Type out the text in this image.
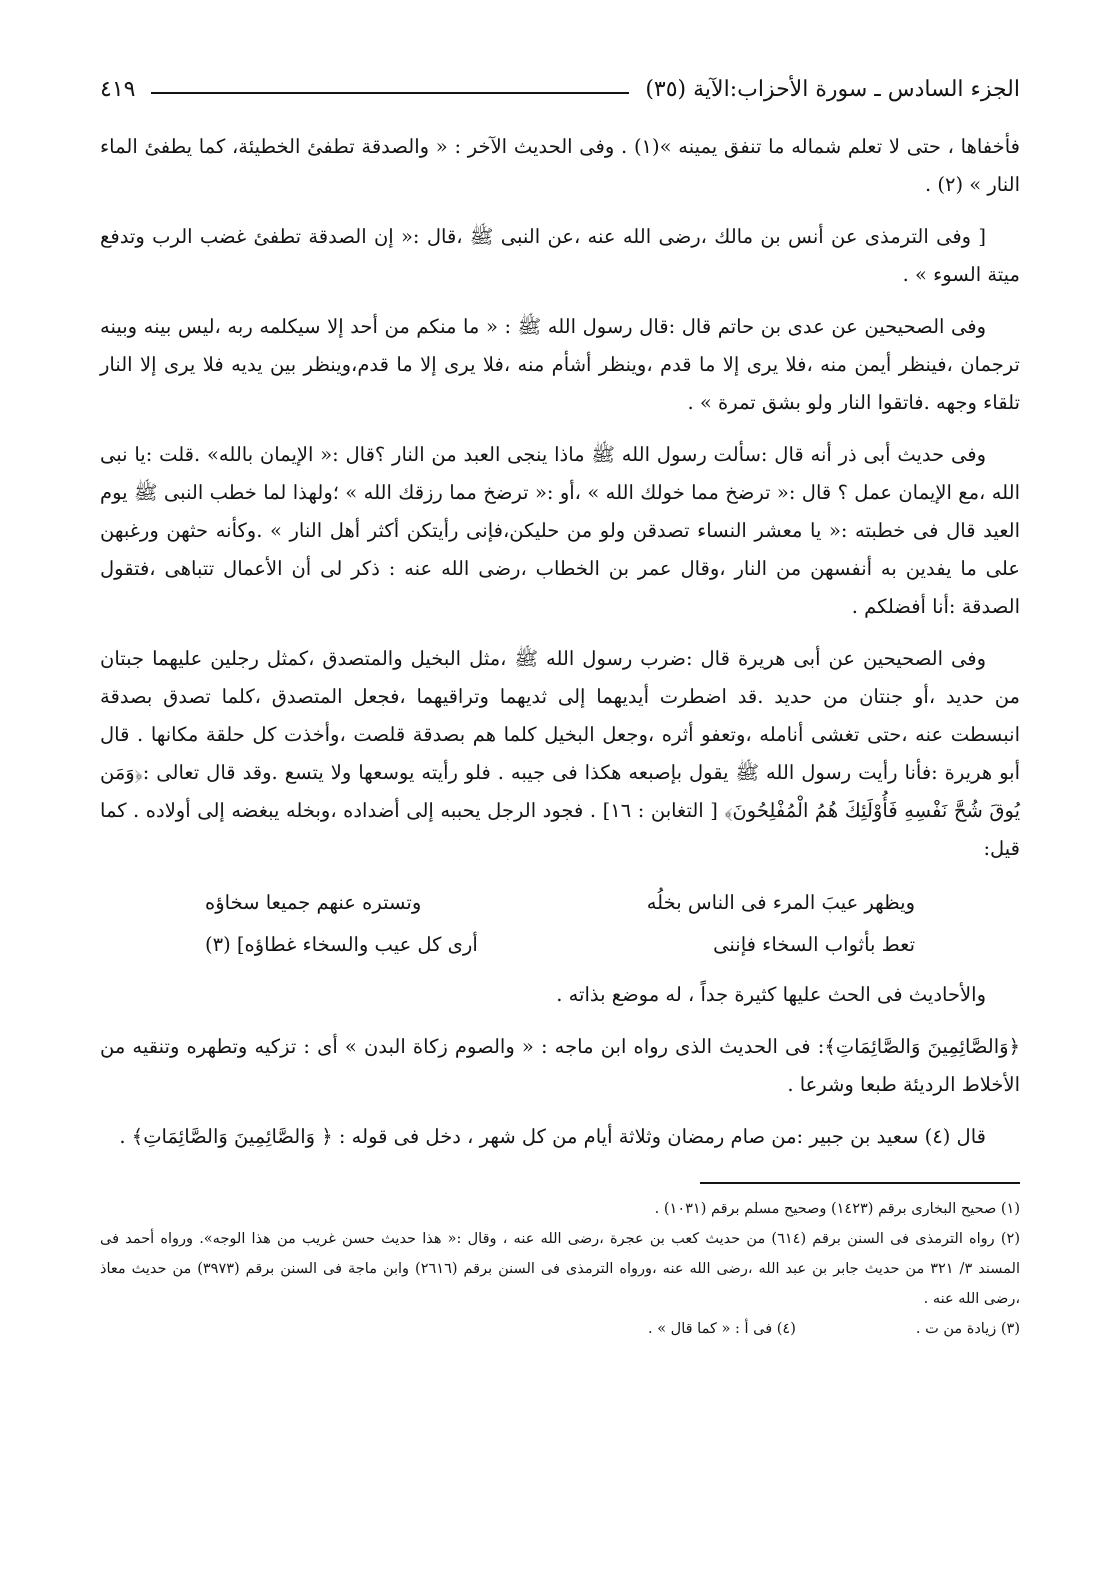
الجزء السادس ـ سورة الأحزاب:الآية (٣٥)
٤١٩

فأخفاها ، حتى لا تعلم شماله ما تنفق يمينه »(١) . وفى الحديث الآخر : « والصدقة تطفئ الخطيئة، كما يطفئ الماء النار » (٢) .

[ وفى الترمذى عن أنس بن مالك ،رضى الله عنه ،عن النبى ﷺ ،قال :« إن الصدقة تطفئ غضب الرب وتدفع ميتة السوء » .

وفى الصحيحين عن عدى بن حاتم قال :قال رسول الله ﷺ : « ما منكم من أحد إلا سيكلمه ربه ،ليس بينه وبينه ترجمان ،فينظر أيمن منه ،فلا يرى إلا ما قدم ،وينظر أشأم منه ،فلا يرى إلا ما قدم،وينظر بين يديه فلا يرى إلا النار تلقاء وجهه .فاتقوا النار ولو بشق تمرة » .

وفى حديث أبى ذر أنه قال :سألت رسول الله ﷺ ماذا ينجى العبد من النار ؟قال :« الإيمان بالله» .قلت :يا نبى الله ،مع الإيمان عمل ؟ قال :« ترضخ مما خولك الله » ،أو :« ترضخ مما رزقك الله » ؛ولهذا لما خطب النبى ﷺ يوم العيد قال فى خطبته :« يا معشر النساء تصدقن ولو من حليكن،فإنى رأيتكن أكثر أهل النار » .وكأنه حثهن ورغبهن على ما يفدين به أنفسهن من النار ،وقال عمر بن الخطاب ،رضى الله عنه : ذكر لى أن الأعمال تتباهى ،فتقول الصدقة :أنا أفضلكم .

وفى الصحيحين عن أبى هريرة قال :ضرب رسول الله ﷺ ،مثل البخيل والمتصدق ،كمثل رجلين عليهما جبتان من حديد ،أو جنتان من حديد .قد اضطرت أيديهما إلى ثديهما وتراقيهما ،فجعل المتصدق ،كلما تصدق بصدقة انبسطت عنه ،حتى تغشى أنامله ،وتعفو أثره ،وجعل البخيل كلما هم بصدقة قلصت ،وأخذت كل حلقة مكانها . قال أبو هريرة :فأنا رأيت رسول الله ﷺ يقول بإصبعه هكذا فى جيبه . فلو رأيته يوسعها ولا يتسع .وقد قال تعالى :﴿وَمَن يُوقَ شُحَّ نَفْسِهِ فَأُوْلَئِكَ هُمُ الْمُفْلِحُونَ﴾ [ التغابن : ١٦] . فجود الرجل يحببه إلى أضداده ،وبخله يبغضه إلى أولاده . كما قيل:

ويظهر عيبَ المرء فى الناس بخلُه
وتستره عنهم جميعا سخاؤه
تعط بأثواب السخاء فإننى
أرى كل عيب والسخاء غطاؤه] (٣)

والأحاديث فى الحث عليها كثيرة جداً ، له موضع بذاته .

﴿وَالصَّائِمِينَ وَالصَّائِمَاتِ﴾: فى الحديث الذى رواه ابن ماجه : « والصوم زكاة البدن » أى : تزكيه وتطهره وتنقيه من الأخلاط الرديئة طبعا وشرعا .

قال (٤) سعيد بن جبير :من صام رمضان وثلاثة أيام من كل شهر ، دخل فى قوله : ﴿ وَالصَّائِمِينَ وَالصَّائِمَاتِ﴾ .

(١) صحيح البخارى برقم (١٤٢٣) وصحيح مسلم برقم (١٠٣١) .

(٢) رواه الترمذى فى السنن برقم (٦١٤) من حديث كعب بن عجرة ،رضى الله عنه ، وقال :« هذا حديث حسن غريب من هذا الوجه». ورواه أحمد فى المسند ٣/ ٣٢١ من حديث جابر بن عبد الله ،رضى الله عنه ،ورواه الترمذى فى السنن برقم (٢٦١٦) وابن ماجة فى السنن برقم (٣٩٧٣) من حديث معاذ ،رضى الله عنه .

(٣) زيادة من ت .
(٤) فى أ : « كما قال » .
